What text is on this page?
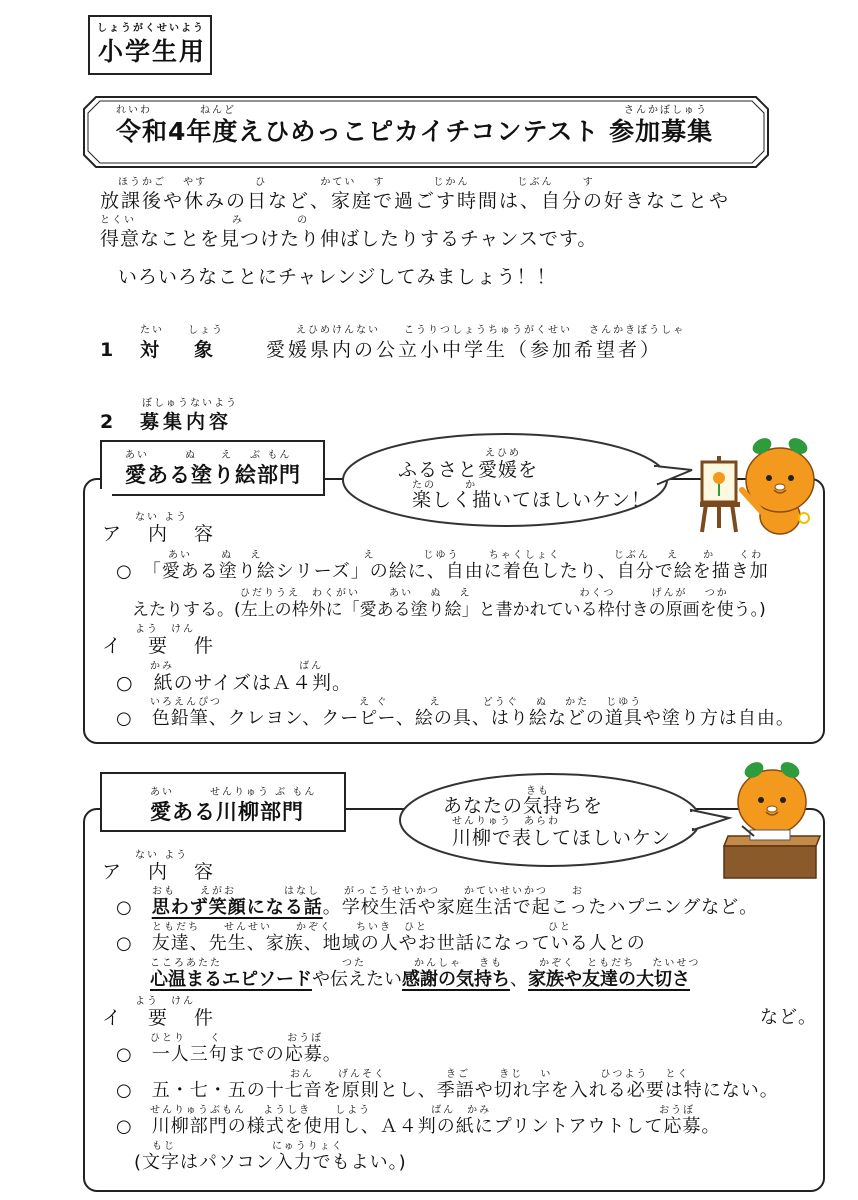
しょうがくせいよう
小学生用
れいわ	ねんど	さんかぼしゅう
令和4年度えひめっこピカイチコンテスト 参加募集
ほうかご　 やす　　　　ひ　　　　 かてい　 す　　　　じかん　　　　じぶん　　 す
放課後や休みの日など、家庭で過ごす時間は、自分の好きなことや
とくい　　　　　　　　み　　　　 の
得意なことを見つけたり伸ばしたりするチャンスです。
いろいろなことにチャレンジしてみましょう！！
たい　　しょう　　　　　　えひめけんない　　こうりつしょうちゅうがくせい　 さんかきぼうしゃ
1 対　象 愛媛県内の公立小中学生（参加希望者）
ぼしゅうないよう
2 募集内容
あい　　　ぬ　　え　 ぶ もん
愛ある塗り絵部門
えひめ
ふるさと愛媛を
たの　　 か
楽しく描いてほしいケン！
ない よう
ア　内　容
あい　　 ぬ　 え　　　　　　　　 え　　　　じゆう　　 ちゃくしょく　　　　 じぶん　 え　　か　　くわ
○　「愛ある塗り絵シリーズ」の絵に、自由に着色したり、自分で絵を描き加
ひだりうえ　わくがい　　 あい　 ぬ　 え　　　　　　　　　わくつ　　　げんが　 つか
えたりする。(左上の枠外に「愛ある塗り絵」と書かれている枠付きの原画を使う。)
よう　けん
イ　要　件
かみ　　　　　　　　　　 ばん
○　紙のサイズはＡ４判。
いろえんぴつ　　　　　　　　　　　 え ぐ　　　 え　　　 どうぐ　 ぬ　 かた　 じゆう
○　色鉛筆、クレヨン、クーピー、絵の具、はり絵などの道具や塗り方は自由。
あい　　　せんりゅう ぶ もん
愛ある川柳部門
きも
あなたの気持ちを
せんりゅう　あらわ
川柳で表してほしいケン
ない よう
ア　内　容
おも　　えがお　　　　はなし　　がっこうせいかつ　　かていせいかつ　　お
○　思わず笑顔になる話。学校生活や家庭生活で起こったハプニングなど。
ともだち　　せんせい　　かぞく　　ちいき　ひと　　　　　　　　　　ひと
○　友達、先生、家族、地域の人やお世話になっている人との
こころあたた　　　　　　　　　　つた　　　　かんしゃ　 きも　　　かぞく　ともだち　 たいせつ
心温まるエピソードや伝えたい感謝の気持ち、家族や友達の大切さ
よう　けん
イ　要　件	など。
ひとり　　く　　　　　 おうぼ
○　一人三句までの応募。
おん　　げんそく　　　　　きご　　 きじ　 い　　　　ひつよう　 とく
○　五・七・五の十七音を原則とし、季語や切れ字を入れる必要は特にない。
せんりゅうぶもん　 ようしき　　しよう　　　　　ばん　かみ　　　　　　　　　　　　　　おうぼ
○　川柳部門の様式を使用し、Ａ４判の紙にプリントアウトして応募。
もじ　　　　　　　　にゅうりょく
(文字はパソコン入力でもよい。)
